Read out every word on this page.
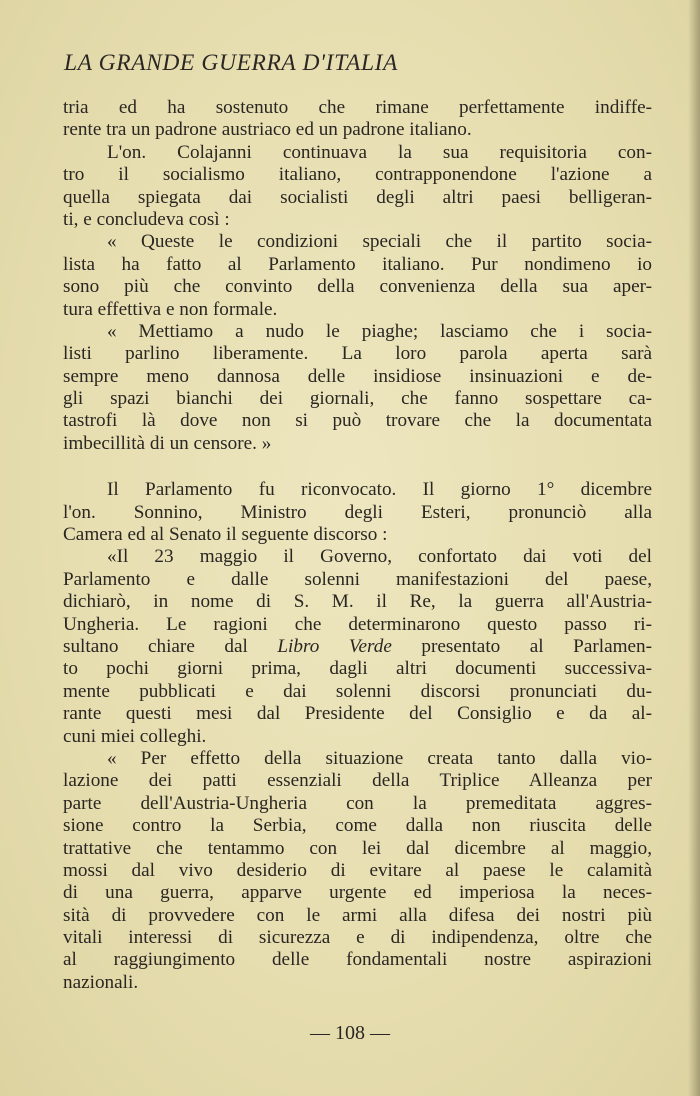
LA GRANDE GUERRA D'ITALIA

tria ed ha sostenuto che rimane perfettamente indiffe-
rente tra un padrone austriaco ed un padrone italiano.

L'on. Colajanni continuava la sua requisitoria con-
tro il socialismo italiano, contrapponendone l'azione a
quella spiegata dai socialisti degli altri paesi belligeran-
ti, e concludeva così :

« Queste le condizioni speciali che il partito socia-
lista ha fatto al Parlamento italiano. Pur nondimeno io
sono più che convinto della convenienza della sua aper-
tura effettiva e non formale.

« Mettiamo a nudo le piaghe; lasciamo che i socia-
listi parlino liberamente. La loro parola aperta sarà
sempre meno dannosa delle insidiose insinuazioni e de-
gli spazi bianchi dei giornali, che fanno sospettare ca-
tastrofi là dove non si può trovare che la documentata
imbecillità di un censore. »

Il Parlamento fu riconvocato. Il giorno 1° dicembre
l'on. Sonnino, Ministro degli Esteri, pronunciò alla
Camera ed al Senato il seguente discorso :

«Il 23 maggio il Governo, confortato dai voti del
Parlamento e dalle solenni manifestazioni del paese,
dichiarò, in nome di S. M. il Re, la guerra all'Austria-
Ungheria. Le ragioni che determinarono questo passo ri-
sultano chiare dal Libro Verde presentato al Parlamen-
to pochi giorni prima, dagli altri documenti successiva-
mente pubblicati e dai solenni discorsi pronunciati du-
rante questi mesi dal Presidente del Consiglio e da al-
cuni miei colleghi.

« Per effetto della situazione creata tanto dalla vio-
lazione dei patti essenziali della Triplice Alleanza per
parte dell'Austria-Ungheria con la premeditata aggres-
sione contro la Serbia, come dalla non riuscita delle
trattative che tentammo con lei dal dicembre al maggio,
mossi dal vivo desiderio di evitare al paese le calamità
di una guerra, apparve urgente ed imperiosa la neces-
sità di provvedere con le armi alla difesa dei nostri più
vitali interessi di sicurezza e di indipendenza, oltre che
al raggiungimento delle fondamentali nostre aspirazioni
nazionali.

— 108 —
